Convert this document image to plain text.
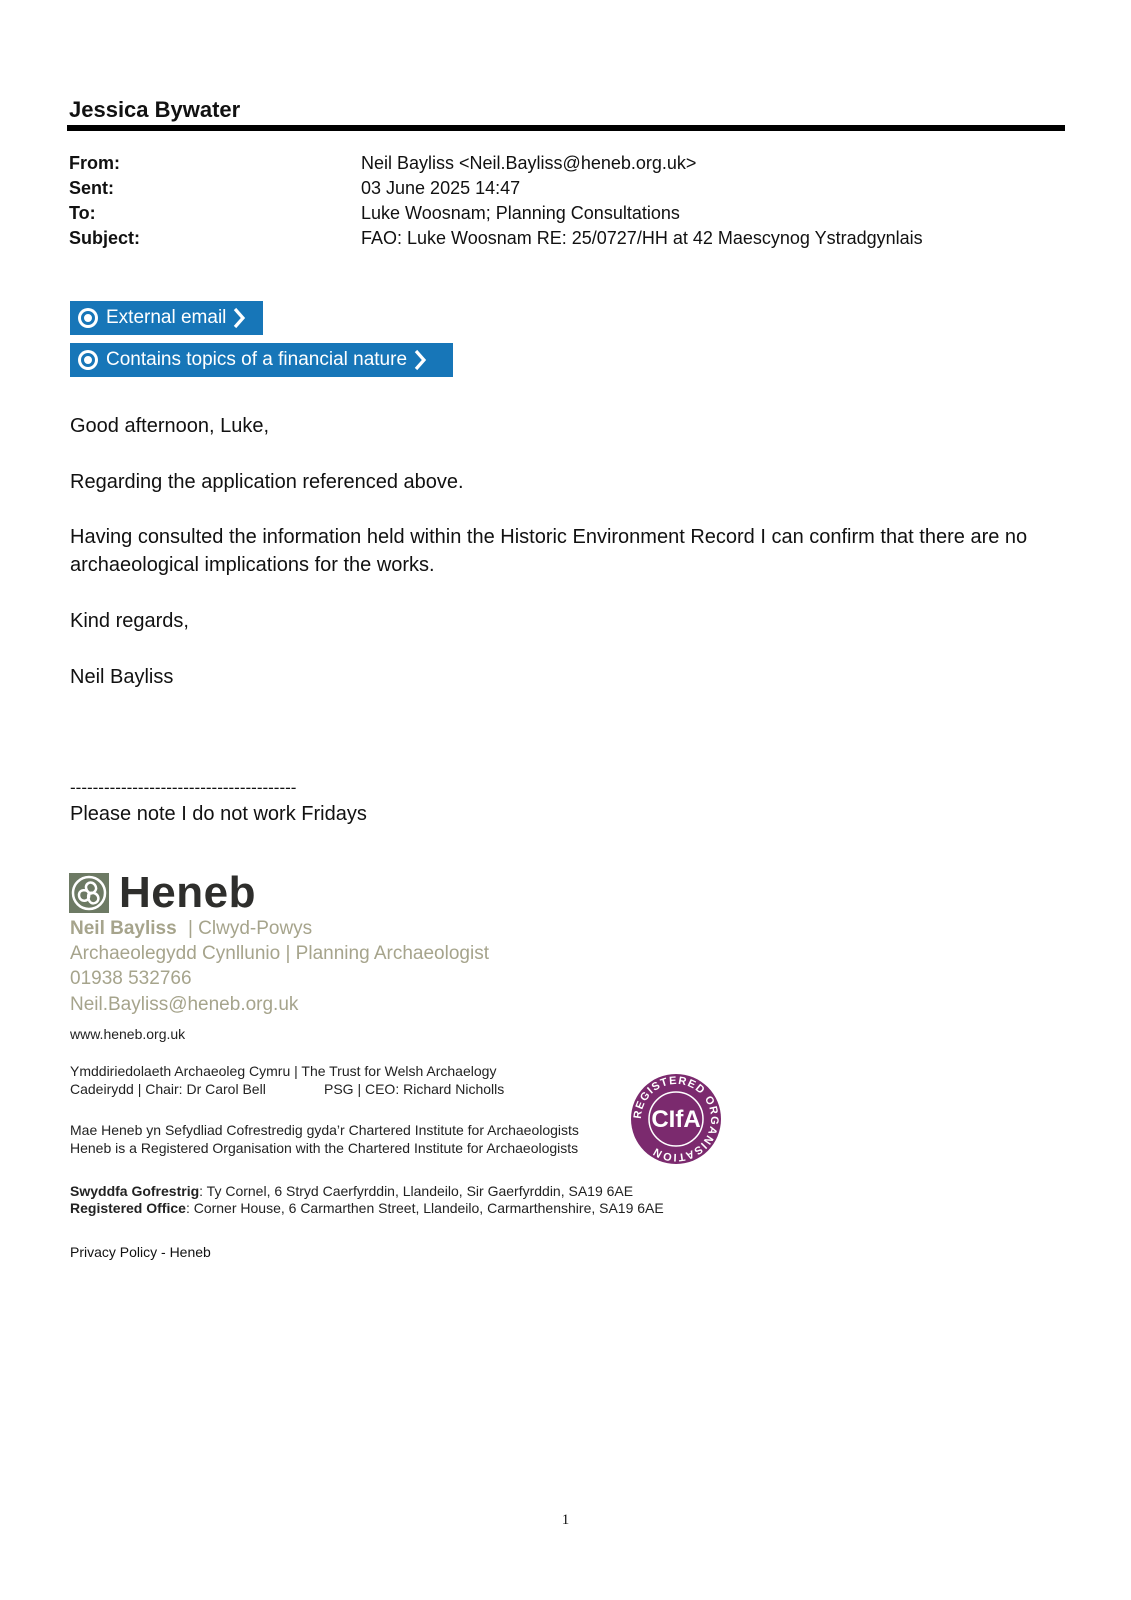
Jessica Bywater
From:	Neil Bayliss <Neil.Bayliss@heneb.org.uk>
Sent:	03 June 2025 14:47
To:	Luke Woosnam; Planning Consultations
Subject:	FAO: Luke Woosnam RE: 25/0727/HH at 42 Maescynog Ystradgynlais
External email
Contains topics of a financial nature
Good afternoon, Luke,
Regarding the application referenced above.
Having consulted the information held within the Historic Environment Record I can confirm that there are no archaeological implications for the works.
Kind regards,
Neil Bayliss
----------------------------------------
Please note I do not work Fridays
Heneb
Neil Bayliss | Clwyd-Powys
Archaeolegydd Cynllunio | Planning Archaeologist
01938 532766
Neil.Bayliss@heneb.org.uk
www.heneb.org.uk
Ymddiriedolaeth Archaeoleg Cymru | The Trust for Welsh Archaelogy
Cadeirydd | Chair: Dr Carol Bell	PSG | CEO: Richard Nicholls
Mae Heneb yn Sefydliad Cofrestredig gyda’r Chartered Institute for Archaeologists
Heneb is a Registered Organisation with the Chartered Institute for Archaeologists
REGISTERED ORGANISATION
CIfA
Swyddfa Gofrestrig: Ty Cornel, 6 Stryd Caerfyrddin, Llandeilo, Sir Gaerfyrddin, SA19 6AE
Registered Office: Corner House, 6 Carmarthen Street, Llandeilo, Carmarthenshire, SA19 6AE
Privacy Policy - Heneb
1
